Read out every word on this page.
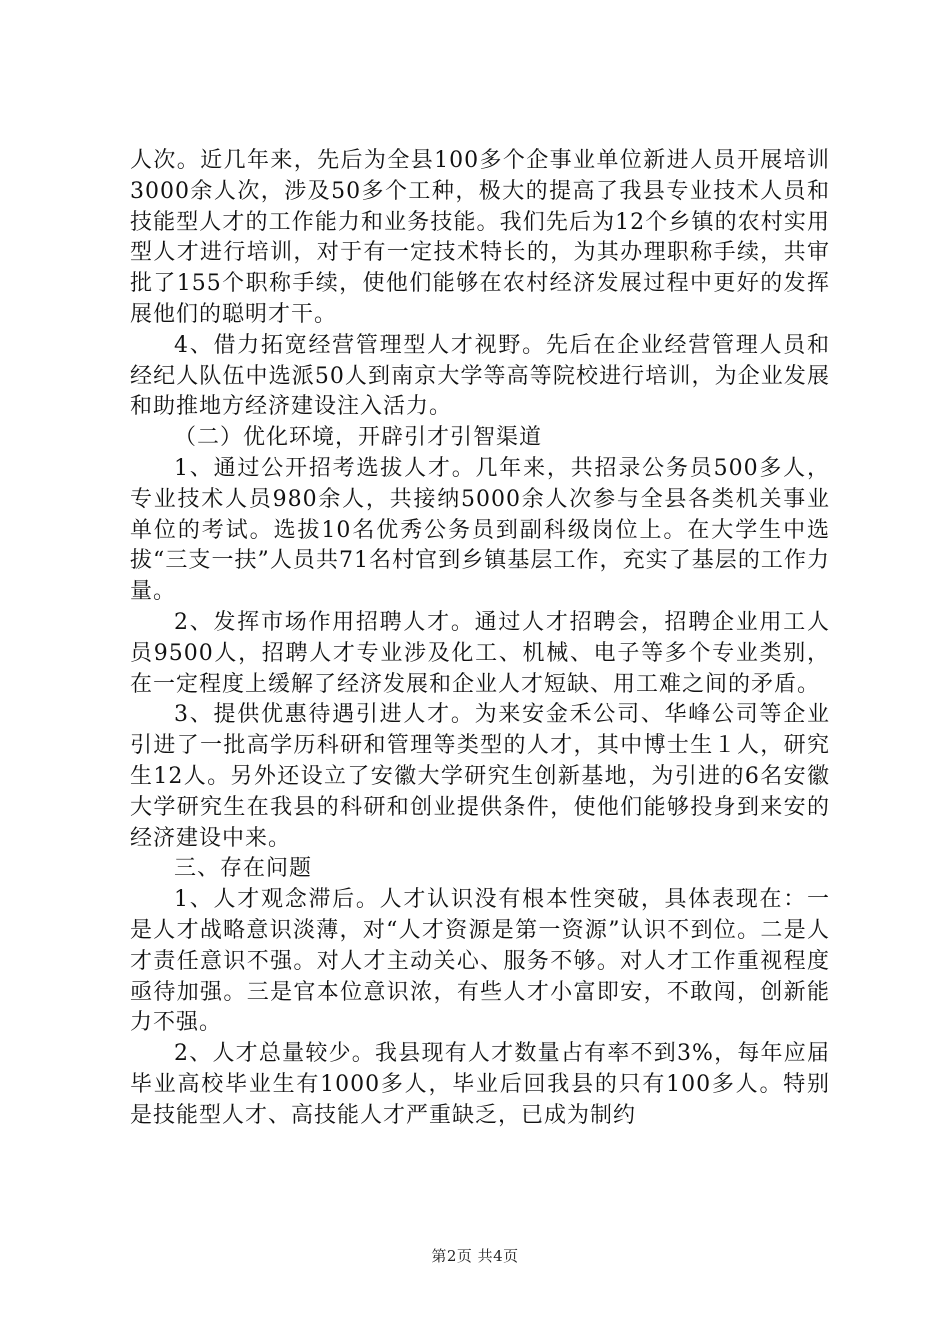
人次。近几年来，先后为全县100多个企事业单位新进人员开展培训3000余人次，涉及50多个工种，极大的提高了我县专业技术人员和技能型人才的工作能力和业务技能。我们先后为12个乡镇的农村实用型人才进行培训，对于有一定技术特长的，为其办理职称手续，共审批了155个职称手续，使他们能够在农村经济发展过程中更好的发挥展他们的聪明才干。

4、借力拓宽经营管理型人才视野。先后在企业经营管理人员和经纪人队伍中选派50人到南京大学等高等院校进行培训，为企业发展和助推地方经济建设注入活力。

（二）优化环境，开辟引才引智渠道

1、通过公开招考选拔人才。几年来，共招录公务员500多人，专业技术人员980余人，共接纳5000余人次参与全县各类机关事业单位的考试。选拔10名优秀公务员到副科级岗位上。在大学生中选拔“三支一扶”人员共71名村官到乡镇基层工作，充实了基层的工作力量。

2、发挥市场作用招聘人才。通过人才招聘会，招聘企业用工人员9500人，招聘人才专业涉及化工、机械、电子等多个专业类别，在一定程度上缓解了经济发展和企业人才短缺、用工难之间的矛盾。

3、提供优惠待遇引进人才。为来安金禾公司、华峰公司等企业引进了一批高学历科研和管理等类型的人才，其中博士生１人，研究生12人。另外还设立了安徽大学研究生创新基地，为引进的6名安徽大学研究生在我县的科研和创业提供条件，使他们能够投身到来安的经济建设中来。

三、存在问题

1、人才观念滞后。人才认识没有根本性突破，具体表现在：一是人才战略意识淡薄，对“人才资源是第一资源”认识不到位。二是人才责任意识不强。对人才主动关心、服务不够。对人才工作重视程度亟待加强。三是官本位意识浓，有些人才小富即安，不敢闯，创新能力不强。

2、人才总量较少。我县现有人才数量占有率不到3%，每年应届毕业高校毕业生有1000多人，毕业后回我县的只有100多人。特别是技能型人才、高技能人才严重缺乏，已成为制约

第2页 共4页
